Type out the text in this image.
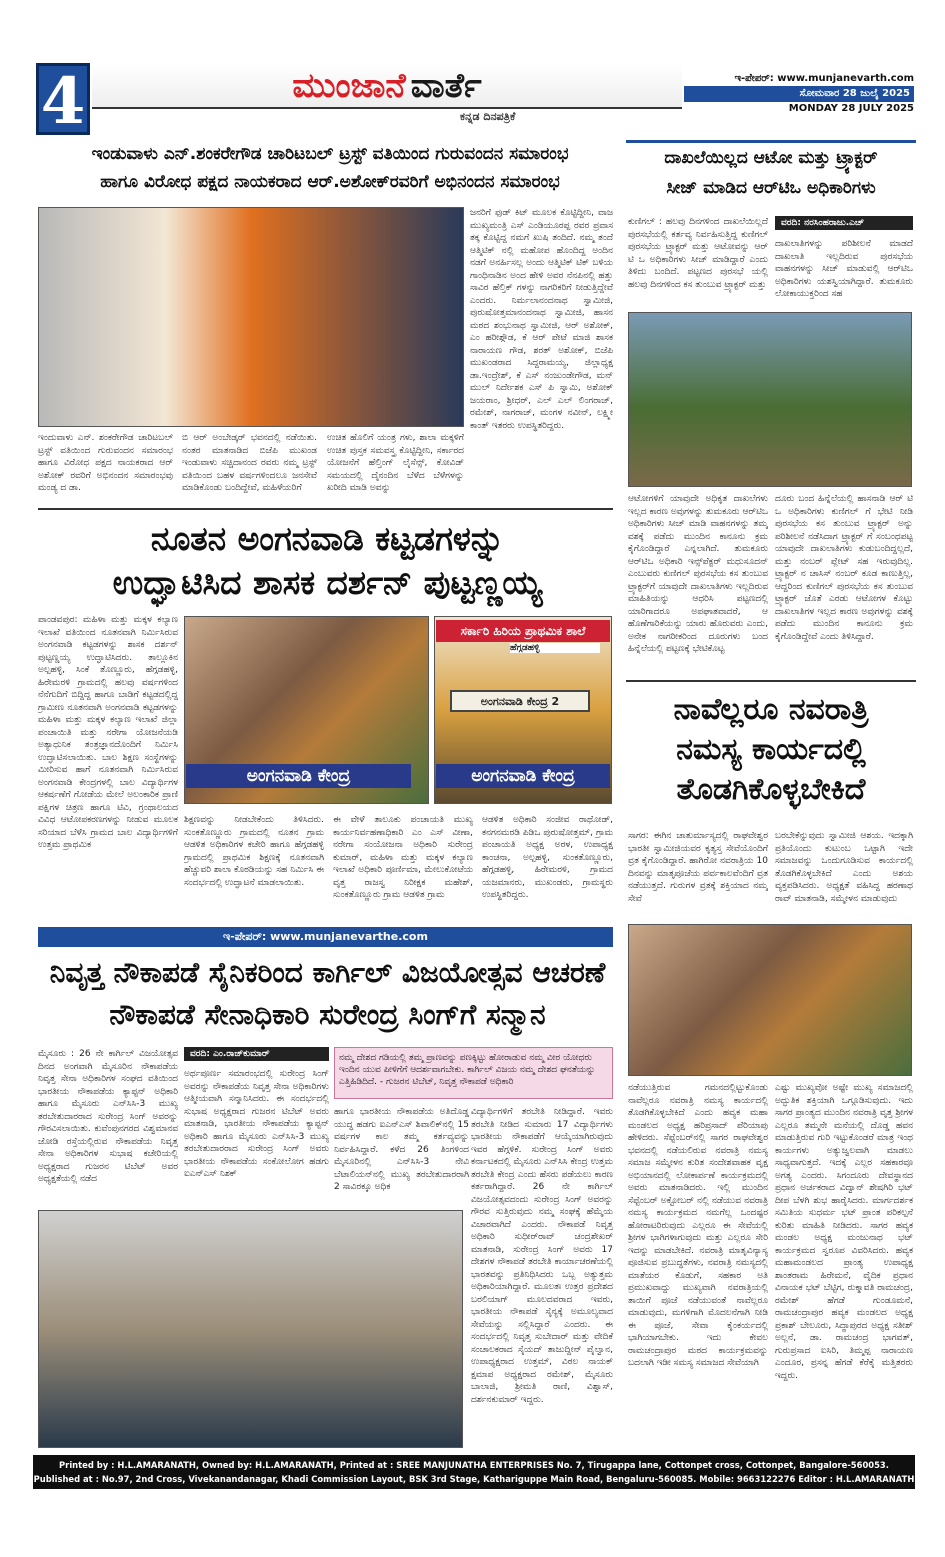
4	ಮುಂಜಾನೆ ವಾರ್ತೆ
ಕನ್ನಡ ದಿನಪತ್ರಿಕೆ
ಇ-ಪೇಪರ್: www.munjanevarth.com
ಸೋಮವಾರ 28 ಜುಲೈ 2025
MONDAY 28 JULY 2025
ಇಂಡುವಾಳು ಎನ್.ಶಂಕರೇಗೌಡ ಚಾರಿಟಬಲ್ ಟ್ರಸ್ಟ್ ವತಿಯಿಂದ ಗುರುವಂದನ ಸಮಾರಂಭ
ಹಾಗೂ ವಿರೋಧ ಪಕ್ಷದ ನಾಯಕರಾದ ಆರ್.ಅಶೋಕ್‌ರವರಿಗೆ ಅಭಿನಂದನ ಸಮಾರಂಭ
ಜನರಿಗೆ ಫುಡ್ ಕಿಟ್ ಮೂಲಕ ಕೊಟ್ಟಿದ್ದೀನಿ, ವಾಜ ಮುಖ್ಯಮಂತ್ರಿ ಎಸ್ ಎಂಡಿಯೂರಪ್ಪ ರವರ ಪ್ರವಾಸ ತಕ್ಕ ಕೊಟ್ಟಿದ್ದ ನಮಗೆ ಖುಷಿ ತಂದಿದೆ. ನಮ್ಮ ತಂದೆ ಆತ್ಮಿಟಿಕ್ ನಲ್ಲಿ ಮಹೋಪ ಹೊಂದಿದ್ದ ಅಂದಿನ ನಡಗೆ ಅನರ್ಹಿಸಲ್ಲ ಅಂದು ಆತ್ಮಿಟಿಕ್ ಟಿಕ್ ಬಳಿಯ ಗಾಂಧಿನಾಡಿನ ಅಂದ ಹೇಳಿ ಅವರ ನೆನಪಿನಲ್ಲಿ ಹತ್ತು ಸಾವಿರ ಹೆಲ್ತಿಕ್ ಗಳನ್ನು ನಾಗರಿಕರಿಗೆ ನೀಡುತ್ತಿದ್ದೇವೆ ಎಂದರು. ನಿರ್ಮಲಾನಂದನಾಥ ಸ್ವಾಮೀಜಿ, ಪುರುಷೋತ್ತಮಾನಂದನಾಥ ಸ್ವಾಮೀಜಿ, ಹಾಸನ ಮಠದ ಶಂಭುನಾಥ ಸ್ವಾಮೀಜಿ, ಆರ್ ಅಶೋಕ್, ಎಂ ಹರೀಶ್ಗೌಡ, ಕೆ ಆರ್ ಪೇಟೆ ಮಾಜಿ ಶಾಸಕ ನಾರಾಯಣ ಗೌಡ, ಶರತ್ ಅಶೋಕ್, ಬಿಜೆಪಿ ಮುಖಂಡರಾದ ಸಿದ್ದರಾಮಯ್ಯ, ಜಿಲ್ಲಾಧ್ಯಕ್ಷ ಡಾ.ಇಂದ್ರೇಶ್, ಕೆ ಎಸ್ ನಂಜುಂಡೇಗೌಡ, ಮನ್ ಮುಲ್ ನಿರ್ದೇಶಕ ಎಸ್ ಪಿ ಸ್ವಾಮಿ, ಅಶೋಕ್ ಜಯರಾಂ, ಶ್ರೀಧರ್, ಎಲ್ ಎಲ್ ಲಿಂಗರಾಜ್, ರಮೇಶ್, ನಾಗರಾಜ್, ಮಂಗಳ ನವೀನ್, ಲಕ್ಷ್ಮೀ ಕಾಂತ್ ಇತರರು ಉಪಸ್ಥಿತರಿದ್ದರು.
ಇಂದುವಾಳು ಎನ್. ಶಂಕರೇಗೌಡ ಚಾರಿಟಬಲ್ ಟ್ರಸ್ಟ್ ವತಿಯಿಂದ ಗುರುವಂದನ ಸಮಾರಂಭ ಹಾಗೂ ವಿರೋಧ ಪಕ್ಷದ ನಾಯಕರಾದ ಆರ್ ಅಶೋಕ್ ರವರಿಗೆ ಅಭಿನಂದನ ಸಮಾರಂಭವು ಮಂಡ್ಯ ದ ಡಾ.
ಬಿ ಆರ್ ಅಂಬೇಡ್ಕರ್ ಭವನದಲ್ಲಿ ನಡೆಯಿತು. ನಂತರ ಮಾತನಾಡಿದ ಬಿಜೆಪಿ ಮುಖಂಡ ಇಂಡುವಾಳು ಸಚ್ಚಿದಾನಂದ ರವರು ನಮ್ಮ ಟ್ರಸ್ಟ್ ವತಿಯಿಂದ ಬಹಳ ವರ್ಷಗಳಿಂದಲೂ ಜನಸೇವೆ ಮಾಡಿಕೊಂಡು ಬಂದಿದ್ದೇವೆ, ಮಹಿಳೆಯರಿಗೆ
ಉಚಿತ ಹೊಲಿಗೆ ಯಂತ್ರ ಗಳು, ಶಾಲಾ ಮಕ್ಕಳಿಗೆ ಉಚಿತ ಪುಸ್ತಕ ಸಮವಸ್ತ್ರ ಕೊಟ್ಟಿದ್ದೀನಿ, ಸರ್ಕಾರದ ಯೋಜನೆಗೆ ಹೆಲ್ತಿಂಗ್ ಲೈಸೆನ್ಸ್, ಕೋವಿಡ್ ಸಮಯದಲ್ಲಿ ದೈನಂದಿನ ಬೆಳೆದ ಬೆಳೆಗಳನ್ನು ಖರೀದಿ ಮಾಡಿ ಅವನ್ನು
ನೂತನ ಅಂಗನವಾಡಿ ಕಟ್ಟಡಗಳನ್ನು
ಉದ್ಘಾಟಿಸಿದ ಶಾಸಕ ದರ್ಶನ್ ಪುಟ್ಟಣ್ಣಯ್ಯ
ಪಾಂಡವಪುರ: ಮಹಿಳಾ ಮತ್ತು ಮಕ್ಕಳ ಕಲ್ಯಾಣ ಇಲಾಖೆ ವತಿಯಿಂದ ನೂತನವಾಗಿ ನಿರ್ಮಿಸಿರುವ ಅಂಗನವಾಡಿ ಕಟ್ಟಡಗಳನ್ನು ಶಾಸಕ ದರ್ಶನ್ ಪುಟ್ಟಣ್ಣಯ್ಯ ಉದ್ಘಾಟಿಸಿದರು. ತಾಲ್ಲೂಕಿನ ಅಲ್ಪಹಳ್ಳಿ, ಸಿಂಕೆ ತೊಣ್ಣೂರು, ಹೆಗ್ಗಡಹಳ್ಳಿ, ಹಿರೇಮರಳಿ ಗ್ರಾಮದಲ್ಲಿ ಹಲವು ವರ್ಷಗಳಿಂದ ನೆನೆಗುದಿಗೆ ಬಿದ್ದಿದ್ದ ಹಾಗೂ ಬಾಡಿಗೆ ಕಟ್ಟಡದಲ್ಲಿದ್ದ ಗ್ರಾಮೀಣ ನೂತನವಾಗಿ ಅಂಗನವಾಡಿ ಕಟ್ಟಡಗಳನ್ನು ಮಹಿಳಾ ಮತ್ತು ಮಕ್ಕಳ ಕಲ್ಯಾಣ ಇಲಾಖೆ ಜಿಲ್ಲಾ ಪಂಚಾಯಿತಿ ಮತ್ತು ನರೇಗಾ ಯೋಜನೆಯಡಿ ಅತ್ಯಾಧುನಿಕ ತಂತ್ರಜ್ಞಾನದೊಂದಿಗೆ ನಿರ್ಮಿಸಿ ಉದ್ಘಾಟಿಸಲಾಯಿತು. ಬಾಲ ಶಿಕ್ಷಣ ಸಂಸ್ಥೆಗಳನ್ನು ಮೀರಿಸುವ ಹಾಗೆ ನೂತನವಾಗಿ ನಿರ್ಮಿಸಿರುವ ಅಂಗನವಾಡಿ ಕೇಂದ್ರಗಳಲ್ಲಿ ಬಾಲ ವಿದ್ಯಾರ್ಥಿಗಳ ಆಕರ್ಷಣೆಗೆ ಗೋಡೆಯ ಮೇಲೆ ಅಲಂಕಾರಿಕ ಪ್ರಾಣಿ ಪಕ್ಷಿಗಳ ಚಿತ್ರಣ ಹಾಗೂ ಟಿವಿ, ಗ್ರಂಥಾಲಯದ ವಿವಿಧ ಆಟೋಪಕರಣಗಳನ್ನು ನೀಡುವ ಮೂಲಕ ಸರಿಯಾದ ಬೆಳೆಸಿ ಗ್ರಾಮದ ಬಾಲ ವಿದ್ಯಾರ್ಥಿಗಳಿಗೆ ಉತ್ತಮ ಪ್ರಾಥಮಿಕ
ಅಂಗನವಾಡಿ ಕೇಂದ್ರ
ಸರ್ಕಾರಿ ಹಿರಿಯ ಪ್ರಾಥಮಿಕ ಶಾಲೆ
ಹೆಗ್ಗಡಹಳ್ಳಿ
ಅಂಗನವಾಡಿ ಕೇಂದ್ರ 2
ಅಂಗನವಾಡಿ ಕೇಂದ್ರ
ಶಿಕ್ಷಣವನ್ನು ನೀಡಬೇಕೆಂದು ತಿಳಿಸಿದರು. ಸುಂಕತೊಣ್ಣೂರು ಗ್ರಾಮದಲ್ಲಿ ನೂತನ ಗ್ರಾಮ ಆಡಳಿತ ಅಧಿಕಾರಿಗಳ ಕಚೇರಿ ಹಾಗೂ ಹೆಗ್ಗಡಹಳ್ಳಿ ಗ್ರಾಮದಲ್ಲಿ ಪ್ರಾಥಮಿಕ ಶಿಕ್ಷಣಕ್ಕೆ ನೂತನವಾಗಿ ಹೆಚ್ಚುವರಿ ಶಾಲಾ ಕೊಠಡಿಯನ್ನು ಸಹ ನಿರ್ಮಿಸಿ ಈ ಸಂದರ್ಭದಲ್ಲಿ ಉದ್ಘಾಟನೆ ಮಾಡಲಾಯಿತು.
ಈ ವೇಳೆ ತಾಲೂಕು ಪಂಚಾಯತಿ ಮುಖ್ಯ ಕಾರ್ಯನಿರ್ವಹಣಾಧಿಕಾರಿ ಎಂ ಎಸ್ ವೀಣಾ, ನರೇಗಾ ಸಂಯೋಜನಾ ಅಧಿಕಾರಿ ಸುರೇಂದ್ರ ಕುಮಾರ್, ಮಹಿಳಾ ಮತ್ತು ಮಕ್ಕಳ ಕಲ್ಯಾಣ ಇಲಾಖೆ ಅಧಿಕಾರಿ ಪೂರ್ಣಿಮಾ, ಮೇಲುಕೋಟೆಯ ವೃತ್ತ ರಾಜಸ್ವ ನಿರೀಕ್ಷಕ ಮಹೇಶ್, ಸುಂಕತೊಣ್ಣೂರು ಗ್ರಾಮ ಆಡಳಿತ ಗ್ರಾಮ
ಆಡಳಿತ ಅಧಿಕಾರಿ ಸಂಜೀವ ರಾಥೋಡ್, ಕನಗನಮರಡಿ ಪಿಡಿಒ ಪುರುಷೋತ್ತಮ್, ಗ್ರಾಮ ಪಂಚಾಯತಿ ಅಧ್ಯಕ್ಷ ಅರಳ, ಉಪಾಧ್ಯಕ್ಷ ಕಾಂಚನಾ, ಅಲ್ಪಹಳ್ಳಿ, ಸುಂಕತೊಣ್ಣೂರು, ಹೆಗ್ಗಡಹಳ್ಳಿ, ಹಿರೇಮರಳಿ, ಗ್ರಾಮದ ಯಜಮಾನರು, ಮುಖಂಡರು, ಗ್ರಾಮಸ್ಥರು ಉಪಸ್ಥಿತರಿದ್ದರು.
ಇ-ಪೇಪರ್: www.munjanevarthe.com
ನಿವೃತ್ತ ನೌಕಾಪಡೆ ಸೈನಿಕರಿಂದ ಕಾರ್ಗಿಲ್ ವಿಜಯೋತ್ಸವ ಆಚರಣೆ
ನೌಕಾಪಡೆ ಸೇನಾಧಿಕಾರಿ ಸುರೇಂದ್ರ ಸಿಂಗ್‌ಗೆ ಸನ್ಮಾನ
ಮೈಸೂರು : 26 ನೇ ಕಾರ್ಗಿಲ್ ವಿಜಯೋತ್ಸವ ದಿನದ ಅಂಗವಾಗಿ ಮೈಸೂರಿನ ನೌಕಾಪಡೆಯ ನಿವೃತ್ತ ಸೇನಾ ಅಧಿಕಾರಿಗಳ ಸಂಘದ ವತಿಯಿಂದ ಭಾರತೀಯ ನೌಕಾಪಡೆಯ ಕ್ಯಾಪ್ಟನ್ ಅಧಿಕಾರಿ ಹಾಗೂ ಮೈಸೂರು ಎನ್‌ಸಿಸಿ-3 ಮುಖ್ಯ ತರಬೇತುದಾರರಾದ ಸುರೇಂದ್ರ ಸಿಂಗ್ ಅವರನ್ನು ಗೌರವಿಸಲಾಯಿತು. ಕುವೆಂಪುನಗರದ ವಿಶ್ವಮಾನವ ಜೋಡಿ ರಸ್ತೆಯಲ್ಲಿರುವ ನೌಕಾಪಡೆಯ ನಿವೃತ್ತ ಸೇನಾ ಅಧಿಕಾರಿಗಳ ಸುಭಾಷ ಕಚೇರಿಯಲ್ಲಿ ಅಧ್ಯಕ್ಷರಾದ ಗುಜರನ ಟಿಬೆಟ್ ಅವರ ಅಧ್ಯಕ್ಷತೆಯಲ್ಲಿ ನಡೆದ
ವರದಿ: ಎಂ.ರಾಜ್‌ಕುಮಾರ್
ಅರ್ಥಪೂರ್ಣ ಸಮಾರಂಭದಲ್ಲಿ ಸುರೇಂದ್ರ ಸಿಂಗ್ ಅವರನ್ನು ನೌಕಾಪಡೆಯ ನಿವೃತ್ತ ಸೇನಾ ಅಧಿಕಾರಿಗಳು ಆತ್ಮೀಯವಾಗಿ ಸನ್ಮಾನಿಸಿದರು. ಈ ಸಂದರ್ಭದಲ್ಲಿ ಸುಭಾಷ ಅಧ್ಯಕ್ಷರಾದ ಗುಜರನ ಟಿಬೆಟ್ ಅವರು ಮಾತನಾಡಿ, ಭಾರತೀಯ ನೌಕಾಪಡೆಯ ಕ್ಯಾಪ್ಟನ್ ಅಧಿಕಾರಿ ಹಾಗೂ ಮೈಸೂರು ಎನ್‌ಸಿಸಿ-3 ಮುಖ್ಯ ತರಬೇತುದಾರರಾದ ಸುರೇಂದ್ರ ಸಿಂಗ್ ಅವರು ಭಾರತೀಯ ನೌಕಾಪಡೆಯ ಸಂಕೋಲೋಗ ಹಡಗು ಐಎನ್‌ಎಸ್ ನಿಶಕ್
ನಮ್ಮ ದೇಶದ ಗಡಿಯಲ್ಲಿ ತಮ್ಮ ಪ್ರಾಣವನ್ನು ಪಣಕ್ಕಿಟ್ಟು ಹೋರಾಡುವ ನಮ್ಮ ವೀರ ಯೋಧರು ಇಂದಿನ ಯುವ ಪೀಳಿಗೆಗೆ ಆದರ್ಶವಾಗಬೇಕು. ಕಾರ್ಗಿಲ್ ವಿಜಯ ನಮ್ಮ ದೇಶದ ಘನತೆಯನ್ನು ಎತ್ತಿಹಿಡಿದಿದೆ. - ಗುಜರನ ಟಿಬೆಟ್, ನಿವೃತ್ತ ನೌಕಾಪಡೆ ಅಧಿಕಾರಿ
ಹಾಗೂ ಭಾರತೀಯ ನೌಕಾಪಡೆಯ ಅತಿದೊಡ್ಡ ಯುದ್ಧ ಹಡಗು ಐಎನ್‌ಎಸ್ ಶಿವಾಲಿಕ್‌ನಲ್ಲಿ 15 ವರ್ಷಗಳ ಕಾಲ ತಮ್ಮ ಕರ್ತವ್ಯವನ್ನು ನಿರ್ವಹಿಸಿದ್ದಾರೆ. ಕಳೆದ 26 ತಿಂಗಳಿಂದ ಮೈಸೂರಿನಲ್ಲಿ ಎನ್‌ಸಿಸಿ-3 ನೇವಿ ಬೆಟಾಲಿಯನ್‌ನಲ್ಲಿ ಮುಖ್ಯ ತರಬೇತುದಾರರಾಗಿ 2 ಸಾವಿರಕ್ಕೂ ಅಧಿಕ
ವಿದ್ಯಾರ್ಥಿಗಳಿಗೆ ತರಬೇತಿ ನೀಡಿದ್ದಾರೆ. ಇವರು ತರಬೇತಿ ನೀಡಿದ ಸುಮಾರು 17 ವಿದ್ಯಾರ್ಥಿಗಳು ಭಾರತೀಯ ನೌಕಾಪಡೆಗೆ ಆಯ್ಕೆಯಾಗಿರುವುದು ಇವರ ಹೆಗ್ಗಳಿಕೆ. ಸುರೇಂದ್ರ ಸಿಂಗ್ ಅವರು ಕರ್ನಾಟಕದಲ್ಲಿ ಮೈಸೂರು ಎನ್‌ಸಿಸಿ ಕೇಂದ್ರ ಉತ್ತಮ ತರಬೇತಿ ಕೇಂದ್ರ ಎಂದು ಹೆಸರು ಪಡೆಯಲು ಕಾರಣ ಕರ್ತರಾಗಿದ್ದಾರೆ. 26 ನೇ ಕಾರ್ಗಿಲ್ ವಿಜಯೋತ್ಸವದಂದು ಸುರೇಂದ್ರ ಸಿಂಗ್ ಅವರನ್ನು ಗೌರವ ಸುತ್ತಿರುವುದು ನಮ್ಮ ಸಂಘಕ್ಕೆ ಹೆಮ್ಮೆಯ ವಿಚಾರವಾಗಿದೆ ಎಂದರು. ನೌಕಾಪಡೆ ನಿವೃತ್ತ ಅಧಿಕಾರಿ ಸುಧೀರ್‌ರಾವ್ ಚಂದ್ರಶೇಖರ್ ಮಾತನಾಡಿ, ಸುರೇಂದ್ರ ಸಿಂಗ್ ಅವರು 17 ದೇಶಗಳ ನೌಕಾಪಡೆ ತರಬೇತಿ ಕಾರ್ಯಾಚರಣೆಯಲ್ಲಿ ಭಾರತವನ್ನು ಪ್ರತಿನಿಧಿಸಿದರು ಒಬ್ಬ ಅತ್ಯುತ್ತಮ ಅಧಿಕಾರಿಯಾಗಿದ್ದಾರೆ. ಮೂಲತಃ ಉತ್ತರ ಪ್ರದೇಶದ ಬರಲಿಯಾಗ್ ಮೂಲದವರಾದ ಇವರು, ಭಾರತೀಯ ನೌಕಾಪಡೆ ಸೈನ್ಯಕ್ಕೆ ಅಮೂಲ್ಯವಾದ ಸೇವೆಯನ್ನು ಸಲ್ಲಿಸಿದ್ದಾರೆ ಎಂದರು. ಈ ಸಂದರ್ಭದಲ್ಲಿ ನಿವೃತ್ತ ಸುಬೇದಾರ್ ಮತ್ತು ವೇದಿಕೆ ಸಂಚಾಲಕರಾದ ಸೈಯದ್ ತಾಜುದ್ದೀನ್ ಪೈಲ್ವಾನ, ಉಪಾಧ್ಯಕ್ಷರಾದ ಉತ್ತಮ್, ವಿಠಲ ನಾಯಕ್ ಕ್ಷಮಾಪ ಅಧ್ಯಕ್ಷರಾದ ರಮೇಶ್, ಮೈಸೂರು ಬಾಲಾಜಿ, ಶ್ರೀಮತಿ ರಾಣಿ, ವಿಶ್ವಾಸ್, ದರ್ಶನಕುಮಾರ್ ಇದ್ದರು.
ದಾಖಲೆಯಿಲ್ಲದ ಆಟೋ ಮತ್ತು ಟ್ರ್ಯಾಕ್ಟರ್
ಸೀಜ್ ಮಾಡಿದ ಆರ್‌ಟಿಒ ಅಧಿಕಾರಿಗಳು
ಕುಣಿಗಲ್ : ಹಲವು ದಿನಗಳಿಂದ ದಾಖಲೆಯಿಲ್ಲದೆ ಪುರಸಭೆಯಲ್ಲಿ ಕರ್ತವ್ಯ ನಿರ್ವಹಿಸುತ್ತಿದ್ದ ಕುಣಿಗಲ್ ಪುರಸಭೆಯ ಟ್ರ್ಯಾಕ್ಟರ್ ಮತ್ತು ಆಟೋವನ್ನು ಆರ್ ಟಿ ಒ ಅಧಿಕಾರಿಗಳು ಸೀಜ್ ಮಾಡಿದ್ದಾರೆ ಎಂದು ತಿಳಿದು ಬಂದಿದೆ. ಪಟ್ಟಣದ ಪುರಸಭೆ ಯಲ್ಲಿ ಹಲವು ದಿನಗಳಿಂದ ಕಸ ತುಂಬುವ ಟ್ರ್ಯಾಕ್ಟರ್ ಮತ್ತು
ವರದಿ: ನರಸಿಂಹರಾಜು.ಎಚ್
ದಾಖಲಾತಿಗಳನ್ನು ಪರಿಶೀಲನೆ ಮಾಡದೆ ದಾಖಲಾತಿ ಇಲ್ಲದಿರುವ ಪುರಸಭೆಯ ವಾಹನಗಳನ್ನು ಸೀಜ್ ಮಾಡುವಲ್ಲಿ ಆರ್‌ಟಿಒ ಅಧಿಕಾರಿಗಳು ಯಶಸ್ವಿಯಾಗಿದ್ದಾರೆ. ತುಮಕೂರು ಲೋಕಾಯುಕ್ತರಿಂದ ಸಹ
ಆಟೋಗಳಿಗೆ ಯಾವುದೇ ಅಧಿಕೃತ ದಾಖಲೆಗಳು ಇಲ್ಲದ ಕಾರಣ ಅವುಗಳನ್ನು ತುಮಕೂರು ಆರ್‌ಟಿಒ ಅಧಿಕಾರಿಗಳು ಸೀಜ್ ಮಾಡಿ ವಾಹನಗಳನ್ನು ತಮ್ಮ ವಶಕ್ಕೆ ಪಡೆದು ಮುಂದಿನ ಕಾನೂನು ಕ್ರಮ ಕೈಗೊಂಡಿದ್ದಾರೆ ಎನ್ನಲಾಗಿದೆ. ತುಮಕೂರು ಆರ್‌ಟಿಒ ಅಧಿಕಾರಿ ಇನ್ಸ್‌ಪೆಕ್ಟರ್ ಮಧುಸೂದನ್ ಎಂಬುವರು ಕುಣಿಗಲ್ ಪುರಸಭೆಯ ಕಸ ತುಂಬುವ ಟ್ರ್ಯಾಕ್ಟರ್‌ಗೆ ಯಾವುದೇ ದಾಖಲಾತಿಗಳು ಇಲ್ಲದಿರುವ ಮಾಹಿತಿಯನ್ನು ಆಧರಿಸಿ ಪಟ್ಟಣದಲ್ಲಿ ಯಾರಿಗಾದರೂ ಅಪಘಾತವಾದರೆ, ಆ ಹೊಣೆಗಾರಿಕೆಯನ್ನು ಯಾರು ಹೊರುವರು ಎಂದು, ಅನೇಕ ನಾಗರೀಕರಿಂದ ದೂರುಗಳು ಬಂದ ಹಿನ್ನೆಲೆಯಲ್ಲಿ ಪಟ್ಟಣಕ್ಕೆ ಭೇಟಿಕೊಟ್ಟ
ದೂರು ಬಂದ ಹಿನ್ನೆಲೆಯಲ್ಲಿ ಹಾಸನಾಡಿ ಆರ್ ಟಿ ಒ ಅಧಿಕಾರಿಗಳು ಕುಣಿಗಲ್ ಗೆ ಭೇಟಿ ನೀಡಿ ಪುರಸಭೆಯ ಕಸ ತುಂಬುವ ಟ್ರ್ಯಾಕ್ಟರ್ ಅನ್ನು ಪರಿಶೀಲನೆ ನಡೆಸಿದಾಗ ಟ್ರ್ಯಾಕ್ಟರ್ ಗೆ ಸಂಬಂಧಪಟ್ಟ ಯಾವುದೇ ದಾಖಲಾತಿಗಳು ಕುಡುಬಂದಿದ್ದಲ್ಲದೆ, ಮತ್ತು ನಂಬರ್ ಪ್ಲೇಟ್ ಸಹ ಇರುವುದಿಲ್ಲ. ಟ್ರ್ಯಾಕ್ಟರ್ ನ ಚಾಸಿಸ್ ನಂಬರ್ ಕೂಡ ಕಾಣುತ್ತಿಲ್ಲ, ಆದ್ದರಿಂದ ಕುಣಿಗಲ್ ಪುರಸಭೆಯ ಕಸ ತುಂಬುವ ಟ್ರ್ಯಾಕ್ಟರ್ ಜೊತೆ ಎರಡು ಆಟೋಗಳ ಕೊಟ್ಟು ದಾಖಲಾತಿಗಳ ಇಲ್ಲದ ಕಾರಣ ಅವುಗಳನ್ನು ವಶಕ್ಕೆ ಪಡೆದು ಮುಂದಿನ ಕಾನೂನು ಕ್ರಮ ಕೈಗೊಂಡಿದ್ದೇವೆ ಎಂದು ತಿಳಿಸಿದ್ದಾರೆ.
ನಾವೆಲ್ಲರೂ ನವರಾತ್ರಿ
ನಮಸ್ಯ ಕಾರ್ಯದಲ್ಲಿ
ತೊಡಗಿಕೊಳ್ಳಬೇಕಿದೆ
ಸಾಗರ: ಈಗಿನ ಚಾತುರ್ಮಾಸ್ಯದಲ್ಲಿ ರಾಘವೇಶ್ವರ ಭಾರತೀ ಸ್ವಾಮೀಜಿಯವರ ಕೃತ್ಯಸ್ತ ಸೇವೆಯೊಂದಿಗೆ ವ್ರತ ಕೈಗೊಂಡಿದ್ದಾರೆ. ಹಾಗಿರೋ ನವರಾತ್ರಿಯ 10 ದಿನವನ್ನು ಮಾತೃಪೂಜೆಯ ಪರ್ವಕಾಲವೆಂದಿಗೆ ವ್ರತ ನಡೆಯುತ್ತದೆ. ಗುರುಗಳ ವ್ರತಕ್ಕೆ ಶಕ್ತಿಯಾದ ನಮ್ಮ ಸೇವೆ
ಬರಬೇಕೆನ್ನುವುದು ಸ್ವಾಮೀಜಿ ಆಶಯ. ಇದಕ್ಕಾಗಿ ಪ್ರತಿಯೊಂದು ಕುಟುಂಬ ಒಟ್ಟಾಗಿ ಇದೇ ಸಮಾಜವನ್ನು ಒಂದುಗೂಡಿಸುವ ಕಾರ್ಯದಲ್ಲಿ ತೊಡಗಿಕೊಳ್ಳಬೇಕಿದೆ ಎಂದು ಅಶಯ ವ್ಯಕ್ತಪಡಿಸಿದರು. ಅಧ್ಯಕ್ಷತೆ ವಹಿಸಿದ್ದ ಹರಣಾಥ ರಾವ್ ಮಾತನಾಡಿ, ಸಮ್ಮೇಳನ ಮಾಡುವುದು
ನಡೆಯುತ್ತಿರುವ ಗಮನದಲ್ಲಿಟ್ಟುಕೊಂಡು ನಾವೆಲ್ಲರೂ ನವರಾತ್ರಿ ನಮಸ್ಯ ಕಾರ್ಯದಲ್ಲಿ ತೊಡಗಿಕೊಳ್ಳಬೇಕಿದೆ ಎಂದು ಹವ್ಯಕ ಮಹಾ ಮಂಡಲದ ಅಧ್ಯಕ್ಷ ಹರಿಪ್ರಸಾದ್ ಪೆರಿಯಾಪು ಹೇಳಿದರು. ಸೆಪ್ಟೆಂಬರ್‌ನಲ್ಲಿ ಸಾಗರ ರಾಘವೇಶ್ವರ ಭವನದಲ್ಲಿ ನಡೆಯಲಿರುವ ನವರಾತ್ರಿ ನಮಸ್ಯ ಸಮಾಜ ಸಮ್ಮೇಳನ ಕುರಿತ ಸಂದೇಶವಾಹಕ ವೃಕ್ಷ ಅಭಿಯಾನದಲ್ಲಿ ಲೋಕಾರ್ಪಣೆ ಕಾರ್ಯಕ್ರಮದಲ್ಲಿ ಅವರು ಮಾತನಾಡಿದರು. ಇಲ್ಲಿ ಮುಂದಿನ ಸೆಪ್ಟೆಂಬರ್ ಅಕ್ಟೋಬರ್ ನಲ್ಲಿ ನಡೆಯುವ ನವರಾತ್ರಿ ನಮಸ್ಯ ಕಾರ್ಯಕ್ರಮದ ನಮಗೆಲ್ಲ ಒಂದಷ್ಟರ ಹೋರಾಟರಿರುವುದು ಎಲ್ಲರೂ ಈ ಸೇವೆಯಲ್ಲಿ ಶ್ರೀಗಳ ಭಾಗಿಗಳಾಗುವುದು ಮತ್ತು ಎಲ್ಲರೂ ಸೇರಿ ಇದನ್ನು ಮಾಡಬೇಕಿದೆ. ನವರಾತ್ರಿ ಮಾತೃವಿನ್ಯಾಸ್ಯ ಪೂಜಿಸುವ ಪ್ರಬುದ್ಧತೆಗಳು, ನವರಾತ್ರಿ ನಮಸ್ಯದಲ್ಲಿ ಮಾತೆಯರ ಕೊಡುಗೆ, ಸಹಕಾರ ಅತಿ ಪ್ರಮುಖವಾದ್ದು ಮುಖ್ಯವಾಗಿ ನವರಾತ್ರಿಯಲ್ಲಿ ತಾಯಿಗೆ ಪೂಜೆ ನಡೆಯುವಂತೆ ನಾವೆಲ್ಲರೂ ಮಾಡುವುದು, ಮಗಳಿಗಾಗಿ ಮೊದಲನೆಗಾಗಿ ನೀಡಿ ಈ ಪೂಜೆ, ಸೇವಾ ಕೈಂಕರ್ಯದಲ್ಲಿ ಭಾಗಿಯಾಗಬೇಕು. ಇದು ಕೇವಲ ರಾಮಚಂದ್ರಾಪುರ ಮಠದ ಕಾರ್ಯಕ್ರಮವನ್ನು ಬದಲಾಗಿ ಇಡೀ ಸಮಸ್ಯ ಸಮಾಜದ ಸೇವೆಯಾಗಿ
ಎಷ್ಟು ಮುಖ್ಯವೋ ಅಷ್ಟೇ ಮುಖ್ಯ ಸಮಾಜದಲ್ಲಿ ಅದ್ಭುತಿಕ ಶಕ್ತಿಯಾಗಿ ಒಗ್ಗೂಡಿಸುವುದು. ಇದು ಸಾಗರ ಪ್ರಾಂತ್ಯದ ಮುಂದಿನ ನವರಾತ್ರಿ ವೃತ್ತ ಶ್ರೀಗಳ ಎಲ್ಲರೂ ತಮ್ಮನೇ ಮನೆಯಲ್ಲಿ ದೊಡ್ಡ ಹವನ ಮಾಡುತ್ತಿರುವ ಗುರಿ ಇಟ್ಟುಕೊಂಡರೆ ಮಾತ್ರ ಇಂಥ ಕಾರ್ಯಗಳು ಅತ್ಯುಜ್ವಲವಾಗಿ ಮಾಡಲು ಸಾಧ್ಯವಾಗುತ್ತದೆ. ಇದಕ್ಕೆ ಎಲ್ಲರ ಸಹಕಾರವೂ ಅಗತ್ಯ ಎಂದರು. ಸಿಗಂದೂರು ದೇವಸ್ಥಾನದ ಪ್ರಧಾನ ಅರ್ಚಕರಾದ ವಿದ್ವಾನ್ ಶೇಷಗಿರಿ ಭಟ್ ದೀಪ ಬೆಳಗಿ ಶುಭ ಹಾರೈಸಿದರು. ಮಾರ್ಗದರ್ಶಕ ಸಮಿತಿಯ ಸುಧರ್ಮ ಭಟ್ ಪ್ರಾಂತ ಪರಿಕಲ್ಪನೆ ಕುರಿತು ಮಾಹಿತಿ ನೀಡಿದರು. ಸಾಗರ ಹವ್ಯಕ ಮಂಡಲ ಅಧ್ಯಕ್ಷ ಮಂಜುನಾಥ ಭಟ್ ಕಾರ್ಯಕ್ರಮದ ಸ್ವರೂಪ ವಿವರಿಸಿದರು. ಹವ್ಯಕ ಮಹಾಮಂಡಲದ ಪ್ರಾಂತ್ಯ ಉಪಾಧ್ಯಕ್ಷ ಶಾಂತರಾಮ ಹಿರೇಮನೆ, ವೈದಿಕ ಪ್ರಧಾನ ವಿನಾಯಕ ಭಟ್ ಬೆಟ್ಟಿಗ, ರುಕ್ಮಾವತಿ ರಾಮಚಂದ್ರ, ರಮೇಶ್ ಹೆಗಡೆ ಗುಂಡೂಮನೆ, ರಾಮಚಂದ್ರಾಪುರ ಹವ್ಯಕ ಮಂಡಲದ ಅಧ್ಯಕ್ಷ ಪ್ರಕಾಶ್ ಬೇಲೂರು, ಸಿದ್ಧಾಪುರದ ಅಧ್ಯಕ್ಷ ಸತೀಶ್ ಅಲ್ಲನೆ, ಡಾ. ರಾಮಚಂದ್ರ ಭಾಗವತ್, ಗುರುಪ್ರಸಾದ ಐಸಿರಿ, ತಿಮ್ಮಪ್ಪ ನಾರಾಯಣ ಎಂದೂರ, ಪ್ರಸನ್ನ ಹೆಗಡೆ ಕೆರೆಕೈ ಮತ್ತಿತರರು ಇದ್ದರು.
Printed by : H.L.AMARANATH, Owned by: H.L.AMARANATH, Printed at : SREE MANJUNATHA ENTERPRISES No. 7, Tirugappa lane, Cottonpet cross, Cottonpet, Bangalore-560053.
Published at : No.97, 2nd Cross, Vivekanandanagar, Khadi Commission Layout, BSK 3rd Stage, Kathariguppe Main Road, Bengaluru-560085. Mobile: 9663122276 Editor : H.L.AMARANATH
